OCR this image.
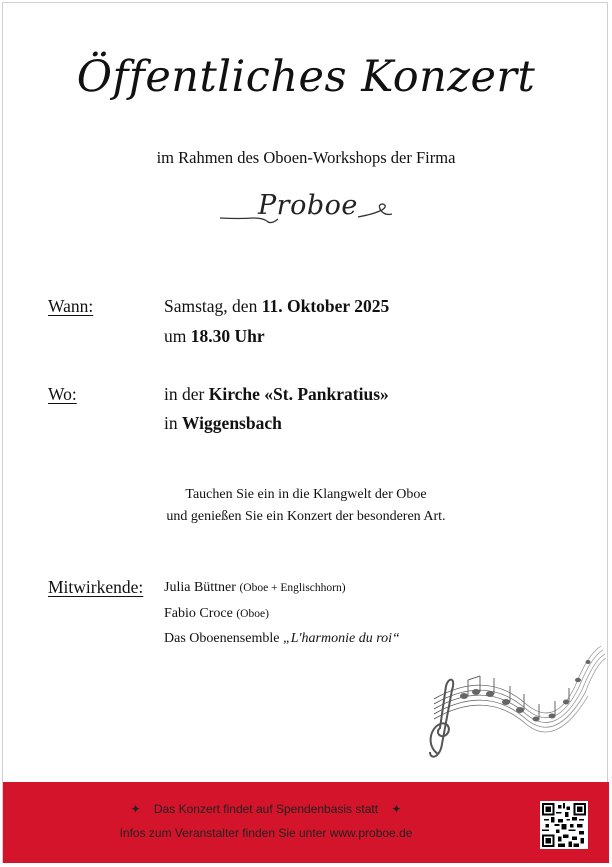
Öffentliches Konzert
im Rahmen des Oboen-Workshops der Firma
Proboe
Wann:	Samstag, den 11. Oktober 2025
um 18.30 Uhr
Wo:	in der Kirche «St. Pankratius»
in Wiggensbach
Tauchen Sie ein in die Klangwelt der Oboe
und genießen Sie ein Konzert der besonderen Art.
Mitwirkende: Julia Büttner (Oboe + Englischhorn)
Fabio Croce (Oboe)
Das Oboenensemble „L'harmonie du roi“
✦ Das Konzert findet auf Spendenbasis statt ✦
Infos zum Veranstalter finden Sie unter www.proboe.de
